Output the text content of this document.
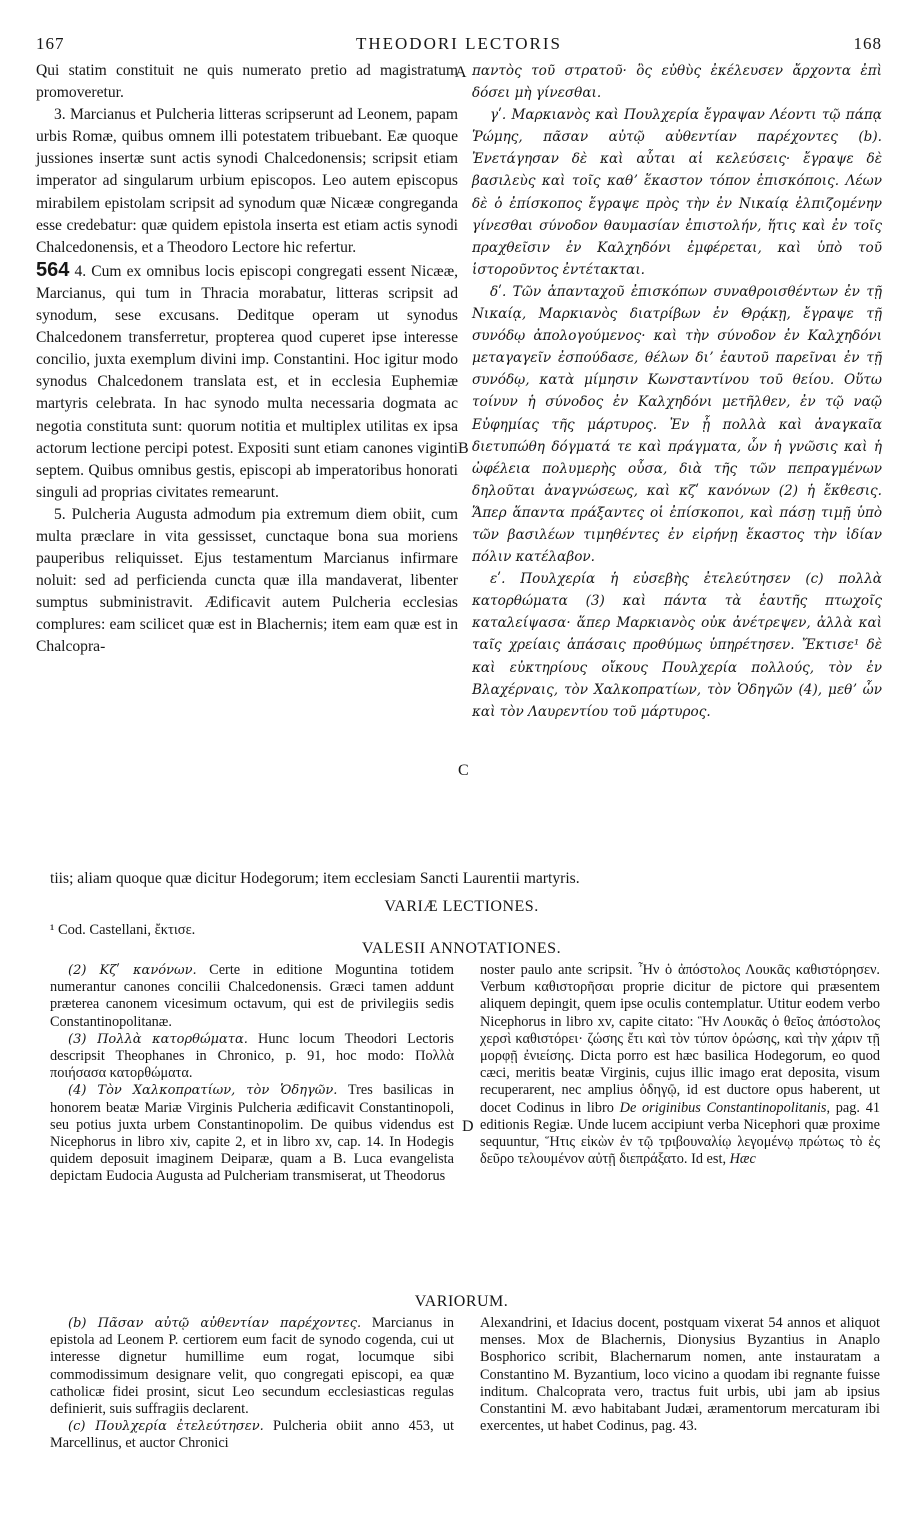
167	THEODORI LECTORIS	168

Qui statim constituit ne quis numerato pretio ad magistratum promoveretur.

3. Marcianus et Pulcheria litteras scripserunt ad Leonem, papam urbis Romæ, quibus omnem illi potestatem tribuebant. Eæ quoque jussiones insertæ sunt actis synodi Chalcedonensis; scripsit etiam imperator ad singularum urbium episcopos. Leo autem episcopus mirabilem epistolam scripsit ad synodum quæ Nicææ congreganda esse credebatur: quæ quidem epistola inserta est etiam actis synodi Chalcedonensis, et a Theodoro Lectore hic refertur.

564 4. Cum ex omnibus locis episcopi congregati essent Nicææ, Marcianus, qui tum in Thracia morabatur, litteras scripsit ad synodum, sese excusans. Deditque operam ut synodus Chalcedonem transferretur, propterea quod cuperet ipse interesse concilio, juxta exemplum divini imp. Constantini. Hoc igitur modo synodus Chalcedonem translata est, et in ecclesia Euphemiæ martyris celebrata. In hac synodo multa necessaria dogmata ac negotia constituta sunt: quorum notitia et multiplex utilitas ex ipsa actorum lectione percipi potest. Expositi sunt etiam canones viginti septem. Quibus omnibus gestis, episcopi ab imperatoribus honorati singuli ad proprias civitates remearunt.

5. Pulcheria Augusta admodum pia extremum diem obiit, cum multa præclare in vita gessisset, cunctaque bona sua moriens pauperibus reliquisset. Ejus testamentum Marcianus infirmare noluit: sed ad perficienda cuncta quæ illa mandaverat, libenter sumptus subministravit. Ædificavit autem Pulcheria ecclesias complures: eam scilicet quæ est in Blachernis; item eam quæ est in Chalcopra-

παντὸς τοῦ στρατοῦ· ὃς εὐθὺς ἐκέλευσεν ἄρχοντα ἐπὶ δόσει μὴ γίνεσθαι.

γʹ. Μαρκιανὸς καὶ Πουλχερία ἔγραψαν Λέοντι τῷ πάπᾳ Ῥώμης, πᾶσαν αὐτῷ αὐθεντίαν παρέχοντες (b). Ἐνετάγησαν δὲ καὶ αὗται αἱ κελεύσεις· ἔγραψε δὲ βασιλεὺς καὶ τοῖς καθʼ ἕκαστον τόπον ἐπισκόποις. Λέων δὲ ὁ ἐπίσκοπος ἔγραψε πρὸς τὴν ἐν Νικαίᾳ ἐλπιζομένην γίνεσθαι σύνοδον θαυμασίαν ἐπιστολήν, ἥτις καὶ ἐν τοῖς πραχθεῖσιν ἐν Καλχηδόνι ἐμφέρεται, καὶ ὑπὸ τοῦ ἱστοροῦντος ἐντέτακται.

δʹ. Τῶν ἁπανταχοῦ ἐπισκόπων συναθροισθέντων ἐν τῇ Νικαίᾳ, Μαρκιανὸς διατρίβων ἐν Θρᾴκῃ, ἔγραψε τῇ συνόδῳ ἀπολογούμενος· καὶ τὴν σύνοδον ἐν Καλχηδόνι μεταγαγεῖν ἐσπούδασε, θέλων διʼ ἑαυτοῦ παρεῖναι ἐν τῇ συνόδῳ, κατὰ μίμησιν Κωνσταντίνου τοῦ θείου. Οὕτω τοίνυν ἡ σύνοδος ἐν Καλχηδόνι μετῆλθεν, ἐν τῷ ναῷ Εὐφημίας τῆς μάρτυρος. Ἐν ᾗ πολλὰ καὶ ἀναγκαῖα διετυπώθη δόγματά τε καὶ πράγματα, ὧν ἡ γνῶσις καὶ ἡ ὠφέλεια πολυμερὴς οὖσα, διὰ τῆς τῶν πεπραγμένων δηλοῦται ἀναγνώσεως, καὶ κζʹ κανόνων (2) ἡ ἔκθεσις. Ἅπερ ἅπαντα πράξαντες οἱ ἐπίσκοποι, καὶ πάσῃ τιμῇ ὑπὸ τῶν βασιλέων τιμηθέντες ἐν εἰρήνῃ ἕκαστος τὴν ἰδίαν πόλιν κατέλαβον.

εʹ. Πουλχερία ἡ εὐσεβὴς ἐτελεύτησεν (c) πολλὰ κατορθώματα (3) καὶ πάντα τὰ ἑαυτῆς πτωχοῖς καταλείψασα· ἅπερ Μαρκιανὸς οὐκ ἀνέτρεψεν, ἀλλὰ καὶ ταῖς χρείαις ἁπάσαις προθύμως ὑπηρέτησεν. Ἔκτισε¹ δὲ καὶ εὐκτηρίους οἴκους Πουλχερία πολλούς, τὸν ἐν Βλαχέρναις, τὸν Χαλκοπρατίων, τὸν Ὁδηγῶν (4), μεθʼ ὧν καὶ τὸν Λαυρεντίου τοῦ μάρτυρος.

A
B
C
D
tiis; aliam quoque quæ dicitur Hodegorum; item ecclesiam Sancti Laurentii martyris.
VARIÆ LECTIONES.
¹ Cod. Castellani, ἔκτισε.
VALESII ANNOTATIONES.

(2) Κζʹ κανόνων. Certe in editione Moguntina totidem numerantur canones concilii Chalcedonensis. Græci tamen addunt præterea canonem vicesimum octavum, qui est de privilegiis sedis Constantinopolitanæ.

(3) Πολλὰ κατορθώματα. Hunc locum Theodori Lectoris descripsit Theophanes in Chronico, p. 91, hoc modo: Πολλὰ ποιήσασα κατορθώματα.

(4) Τὸν Χαλκοπρατίων, τὸν Ὁδηγῶν. Tres basilicas in honorem beatæ Mariæ Virginis Pulcheria ædificavit Constantinopoli, seu potius juxta urbem Constantinopolim. De quibus videndus est Nicephorus in libro xiv, capite 2, et in libro xv, cap. 14. In Hodegis quidem deposuit imaginem Deiparæ, quam a B. Luca evangelista depictam Eudocia Augusta ad Pulcheriam transmiserat, ut Theodorus

noster paulo ante scripsit. Ἦν ὁ ἀπόστολος Λουκᾶς καθιστόρησεν. Verbum καθιστορῆσαι proprie dicitur de pictore qui præsentem aliquem depingit, quem ipse oculis contemplatur. Utitur eodem verbo Nicephorus in libro xv, capite citato: Ἣν Λουκᾶς ὁ θεῖος ἀπόστολος χερσὶ καθιστόρει· ζώσης ἔτι καὶ τὸν τύπον ὁρώσης, καὶ τὴν χάριν τῇ μορφῇ ἐνιείσης. Dicta porro est hæc basilica Hodegorum, eo quod cæci, meritis beatæ Virginis, cujus illic imago erat deposita, visum recuperarent, nec amplius ὁδηγῷ, id est ductore opus haberent, ut docet Codinus in libro De originibus Constantinopolitanis, pag. 41 editionis Regiæ. Unde lucem accipiunt verba Nicephori quæ proxime sequuntur, Ἥτις εἰκὼν ἐν τῷ τριβουναλίῳ λεγομένῳ πρώτως τὸ ἐς δεῦρο τελουμένον αὐτῇ διεπράξατο. Id est, Hæc

VARIORUM.

(b) Πᾶσαν αὐτῷ αὐθεντίαν παρέχοντες. Marcianus in epistola ad Leonem P. certiorem eum facit de synodo cogenda, cui ut interesse dignetur humillime eum rogat, locumque sibi commodissimum designare velit, quo congregati episcopi, ea quæ catholicæ fidei prosint, sicut Leo secundum ecclesiasticas regulas definierit, suis suffragiis declarent.

(c) Πουλχερία ἐτελεύτησεν. Pulcheria obiit anno 453, ut Marcellinus, et auctor Chronici

Alexandrini, et Idacius docent, postquam vixerat 54 annos et aliquot menses. Mox de Blachernis, Dionysius Byzantius in Anaplo Bosphorico scribit, Blachernarum nomen, ante instauratam a Constantino M. Byzantium, loco vicino a quodam ibi regnante fuisse inditum. Chalcoprata vero, tractus fuit urbis, ubi jam ab ipsius Constantini M. ævo habitabant Judæi, æramentorum mercaturam ibi exercentes, ut habet Codinus, pag. 43.
